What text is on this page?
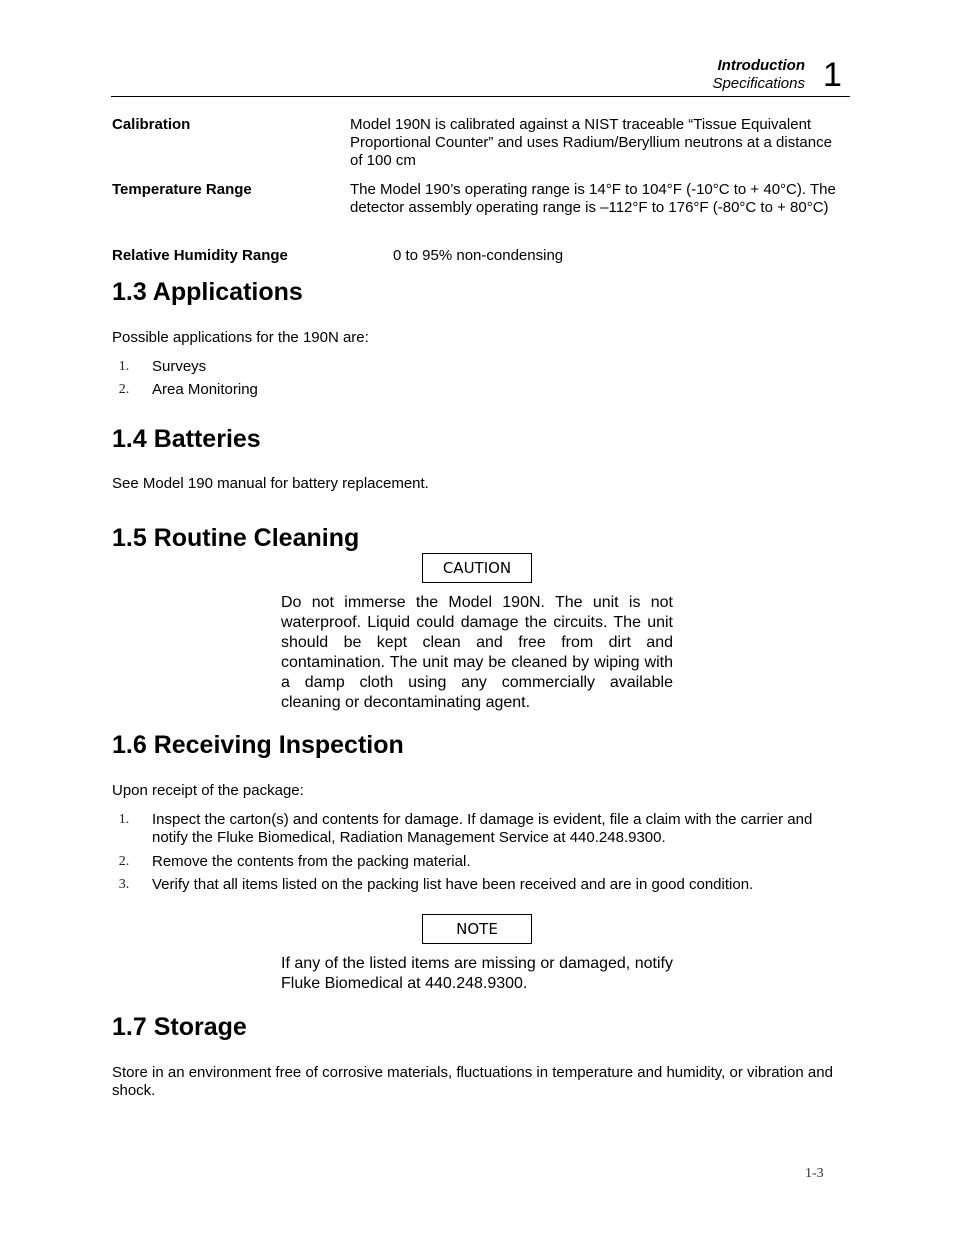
Introduction
Specifications 1
Calibration	Model 190N is calibrated against a NIST traceable “Tissue Equivalent Proportional Counter” and uses Radium/Beryllium neutrons at a distance of 100 cm
Temperature Range	The Model 190’s operating range is 14°F to 104°F (-10°C to + 40°C). The detector assembly operating range is –112°F to 176°F (-80°C to + 80°C)
Relative Humidity Range	0 to 95% non-condensing
1.3 Applications
Possible applications for the 190N are:
1.	Surveys
2.	Area Monitoring
1.4 Batteries
See Model 190 manual for battery replacement.
1.5 Routine Cleaning
CAUTION
Do not immerse the Model 190N. The unit is not waterproof. Liquid could damage the circuits. The unit should be kept clean and free from dirt and contamination. The unit may be cleaned by wiping with a damp cloth using any commercially available cleaning or decontaminating agent.
1.6 Receiving Inspection
Upon receipt of the package:
1.	Inspect the carton(s) and contents for damage. If damage is evident, file a claim with the carrier and notify the Fluke Biomedical, Radiation Management Service at 440.248.9300.
2.	Remove the contents from the packing material.
3.	Verify that all items listed on the packing list have been received and are in good condition.
NOTE
If any of the listed items are missing or damaged, notify Fluke Biomedical at 440.248.9300.
1.7 Storage
Store in an environment free of corrosive materials, fluctuations in temperature and humidity, or vibration and shock.
1-3
